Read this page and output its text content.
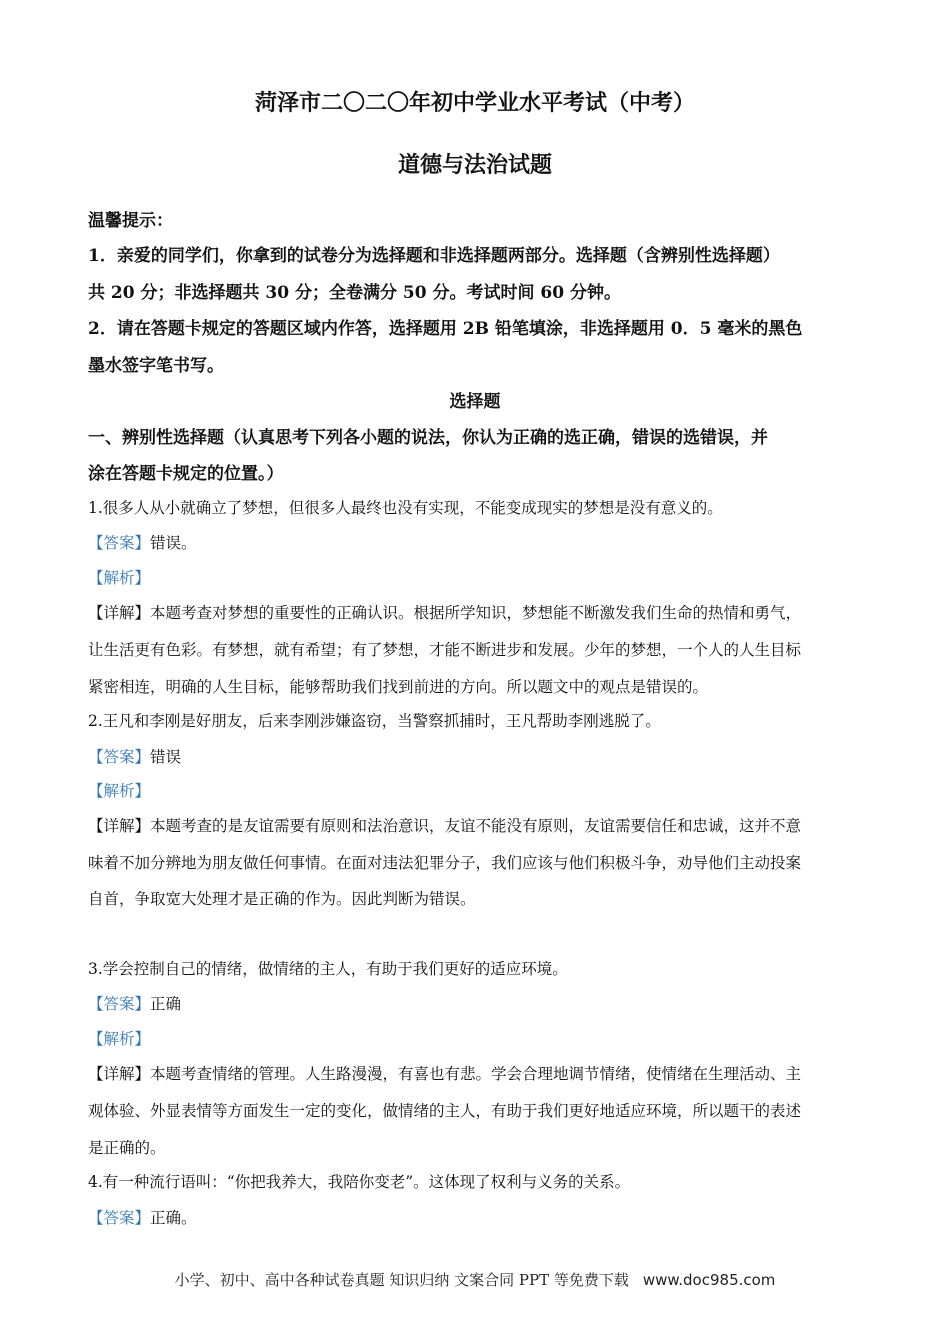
菏泽市二〇二〇年初中学业水平考试（中考）
道德与法治试题
温馨提示：
1．亲爱的同学们，你拿到的试卷分为选择题和非选择题两部分。选择题（含辨别性选择题）
共 20 分；非选择题共 30 分；全卷满分 50 分。考试时间 60 分钟。
2．请在答题卡规定的答题区域内作答，选择题用 2B 铅笔填涂，非选择题用 0．5 毫米的黑色
墨水签字笔书写。
选择题
一、辨别性选择题（认真思考下列各小题的说法，你认为正确的选正确，错误的选错误，并
涂在答题卡规定的位置。）
1.很多人从小就确立了梦想，但很多人最终也没有实现，不能变成现实的梦想是没有意义的。
【答案】错误。
【解析】
【详解】本题考查对梦想的重要性的正确认识。根据所学知识，梦想能不断激发我们生命的热情和勇气，
让生活更有色彩。有梦想，就有希望；有了梦想，才能不断进步和发展。少年的梦想，一个人的人生目标
紧密相连，明确的人生目标，能够帮助我们找到前进的方向。所以题文中的观点是错误的。
2.王凡和李刚是好朋友，后来李刚涉嫌盗窃，当警察抓捕时，王凡帮助李刚逃脱了。
【答案】错误
【解析】
【详解】本题考查的是友谊需要有原则和法治意识，友谊不能没有原则，友谊需要信任和忠诚，这并不意
味着不加分辨地为朋友做任何事情。在面对违法犯罪分子，我们应该与他们积极斗争，劝导他们主动投案
自首，争取宽大处理才是正确的作为。因此判断为错误。
3.学会控制自己的情绪，做情绪的主人，有助于我们更好的适应环境。
【答案】正确
【解析】
【详解】本题考查情绪的管理。人生路漫漫，有喜也有悲。学会合理地调节情绪，使情绪在生理活动、主
观体验、外显表情等方面发生一定的变化，做情绪的主人，有助于我们更好地适应环境，所以题干的表述
是正确的。
4.有一种流行语叫：“你把我养大，我陪你变老”。这体现了权利与义务的关系。
【答案】正确。
小学、初中、高中各种试卷真题 知识归纳 文案合同 PPT 等免费下载 www.doc985.com
